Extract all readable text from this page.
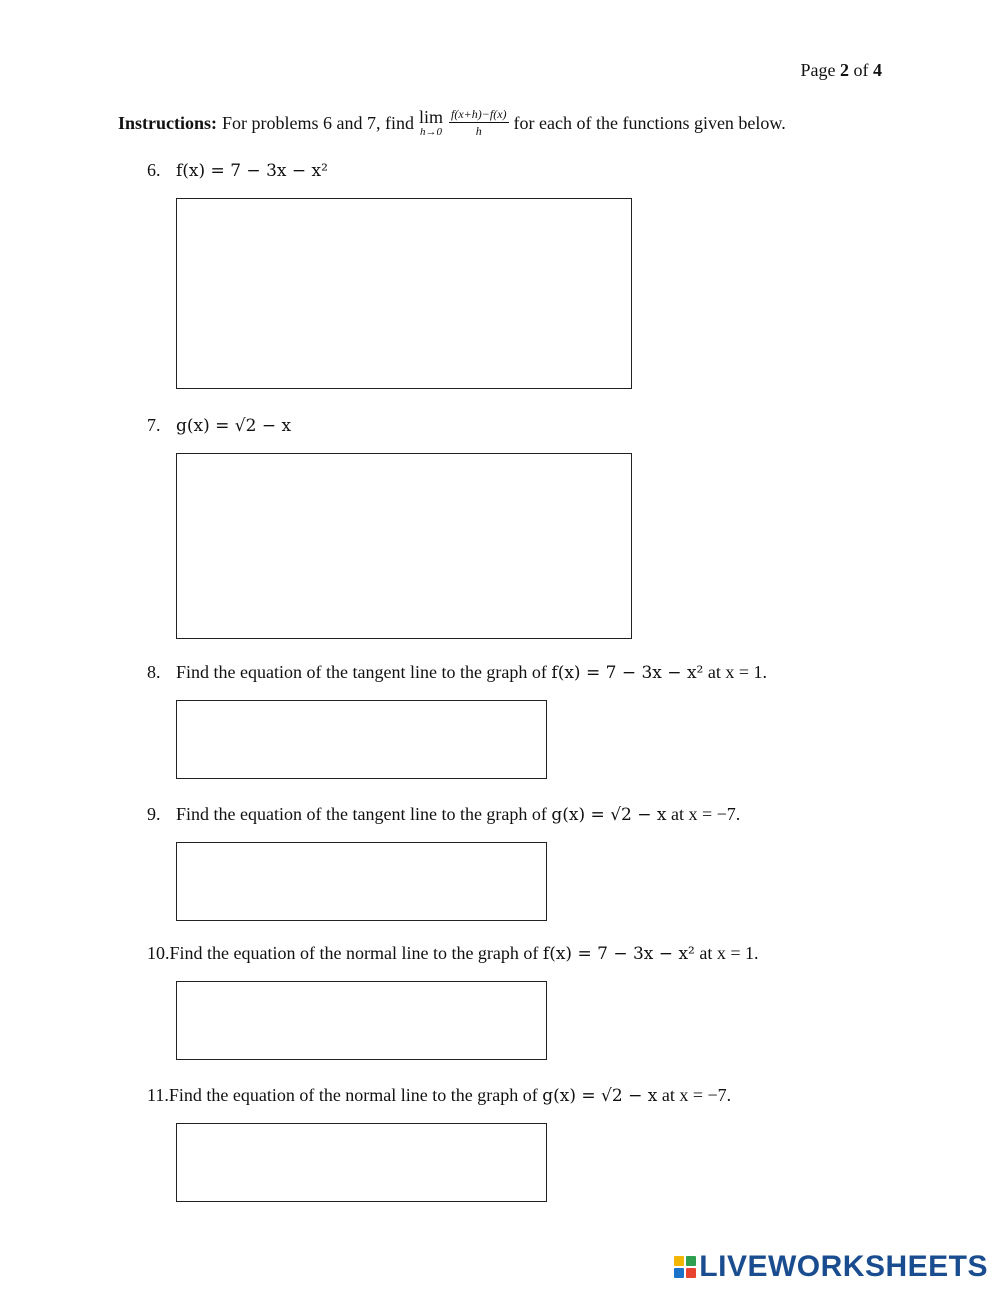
Page 2 of 4
Instructions: For problems 6 and 7, find lim
$h\to 0 \frac{f(x+h)-f(x)}{h}$ for each of the functions given below.
6. f(x) = 7 − 3x − x²
7. g(x) = √2 − x
8. Find the equation of the tangent line to the graph of f(x) = 7 − 3x − x² at x = 1.
9. Find the equation of the tangent line to the graph of g(x) = √2 − x at x = −7.
10.Find the equation of the normal line to the graph of f(x) = 7 − 3x − x² at x = 1.
11.Find the equation of the normal line to the graph of g(x) = √2 − x at x = −7.
LIVEWORKSHEETS
